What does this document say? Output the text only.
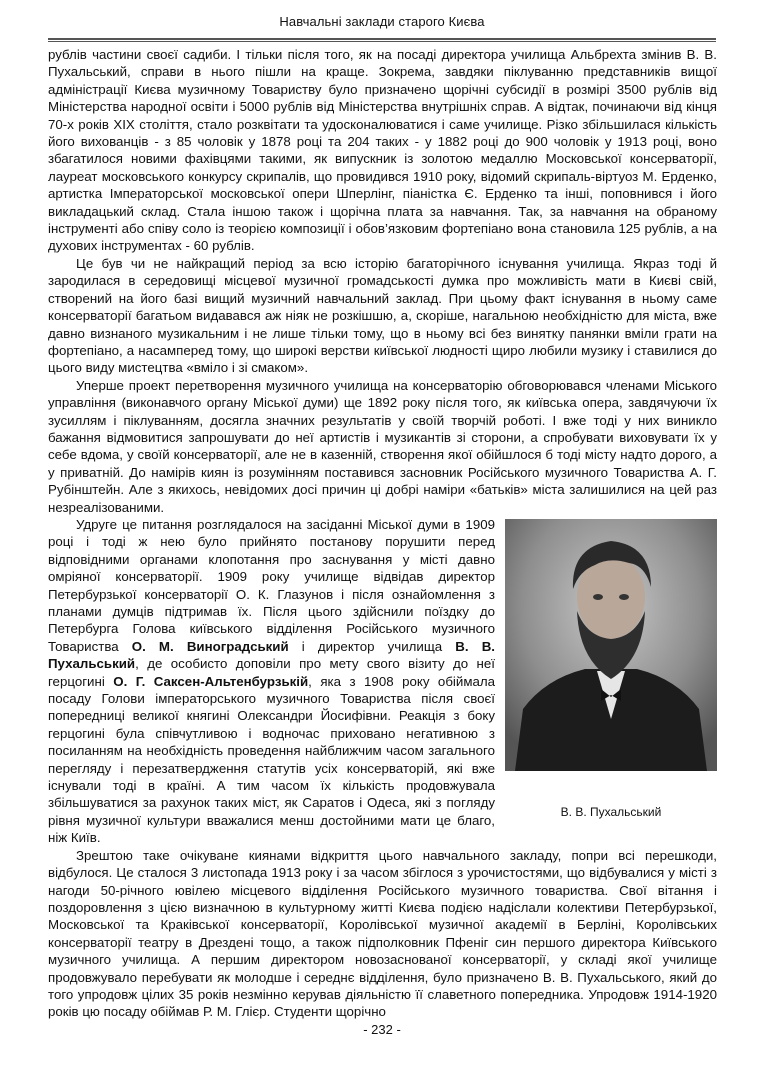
Навчальні заклади старого Києва

рублів частини своєї садиби. І тільки після того, як на посаді директора училища Альбрехта змінив В. В. Пухальський, справи в нього пішли на краще. Зокрема, завдяки піклуванню представників вищої адміністрації Києва музичному Товариству було призначено щорічні субсидії в розмірі 3500 рублів від Міністерства народної освіти і 5000 рублів від Міністерства внутрішніх справ. А відтак, починаючи від кінця 70-х років XIX століття, стало розквітати та удосконалюватися і саме училище. Різко збільшилася кількість його вихованців - з 85 чоловік у 1878 році та 204 таких - у 1882 році до 900 чоловік у 1913 році, воно збагатилося новими фахівцями такими, як випускник із золотою медаллю Московської консерваторії, лауреат московського конкурсу скрипалів, що провидився 1910 року, відомий скрипаль-віртуоз М. Ерденко, артистка Імператорської московської опери Шперлінг, піаністка Є. Ерденко та інші, поповнився і його викладацький склад. Стала іншою також і щорічна плата за навчання. Так, за навчання на обраному інструменті або співу соло із теорією композиції і обов’язковим фортепіано вона становила 125 рублів, а на духових інструментах - 60 рублів.

Це був чи не найкращий період за всю історію багаторічного існування училища. Якраз тоді й зародилася в середовищі місцевої музичної громадськості думка про можливість мати в Києві свій, створений на його базі вищий музичний навчальний заклад. При цьому факт існування в ньому саме консерваторії багатьом видавався аж ніяк не розкішшю, а, скоріше, нагальною необхідністю для міста, вже давно визнаного музикальним і не лише тільки тому, що в ньому всі без винятку панянки вміли грати на фортепіано, а насамперед тому, що широкі верстви київської людності щиро любили музику і ставилися до цього виду мистецтва «вміло і зі смаком».

Уперше проект перетворення музичного училища на консерваторію обговорювався членами Міського управління (виконавчого органу Міської думи) ще 1892 року після того, як київська опера, завдячуючи їх зусиллям і піклуванням, досягла значних результатів у своїй творчій роботі. І вже тоді у них виникло бажання відмовитися запрошувати до неї артистів і музикантів зі сторони, а спробувати виховувати їх у себе вдома, у своїй консерваторії, але не в казенній, створення якої обійшлося б тоді місту надто дорого, а у приватній. До намірів киян із розумінням поставився засновник Російського музичного Товариства А. Г. Рубінштейн. Але з якихось, невідомих досі причин ці добрі наміри «батьків» міста залишилися на цей раз незреалізованими.

В. В. Пухальський

Удруге це питання розглядалося на засіданні Міської думи в 1909 році і тоді ж нею було прийнято постанову порушити перед відповідними органами клопотання про заснування у місті давно омріяної консерваторії. 1909 року училище відвідав директор Петербурзької консерваторії О. К. Глазунов і після ознайомлення з планами думців підтримав їх. Після цього здійснили поїздку до Петербурга Голова київського відділення Російського музичного Товариства О. М. Виноградський і директор училища В. В. Пухальський, де особисто доповіли про мету свого візиту до неї герцогині О. Г. Саксен-Альтенбурзькій, яка з 1908 року обіймала посаду Голови імператорського музичного Товариства після своєї попередниці великої княгині Олександри Йосифівни. Реакція з боку герцогині була співчутливою і водночас приховано негативною з посиланням на необхідність проведення найближчим часом загального перегляду і перезатвердження статутів усіх консерваторій, які вже існували тоді в країні. А тим часом їх кількість продовжувала збільшуватися за рахунок таких міст, як Саратов і Одеса, які з погляду рівня музичної культури вважалися менш достойними мати це благо, ніж Київ.

Зрештою таке очікуване киянами відкриття цього навчального закладу, попри всі перешкоди, відбулося. Це сталося 3 листопада 1913 року і за часом збіглося з урочистостями, що відбувалися у місті з нагоди 50-річного ювілею місцевого відділення Російського музичного товариства. Свої вітання і поздоровлення з цією визначною в культурному житті Києва подією надіслали колективи Петербурзької, Московської та Краківської консерваторії, Королівської музичної академії в Берліні, Королівських консерваторії театру в Дрездені тощо, а також підполковник Пфеніг син першого директора Київського музичного училища. А першим директором новозаснованої консерваторії, у складі якої училище продовжувало перебувати як молодше і середнє відділення, було призначено В. В. Пухальського, який до того упродовж цілих 35 років незмінно керував діяльністю її славетного попередника. Упродовж 1914-1920 років цю посаду обіймав Р. М. Глієр. Студенти щорічно

- 232 -
